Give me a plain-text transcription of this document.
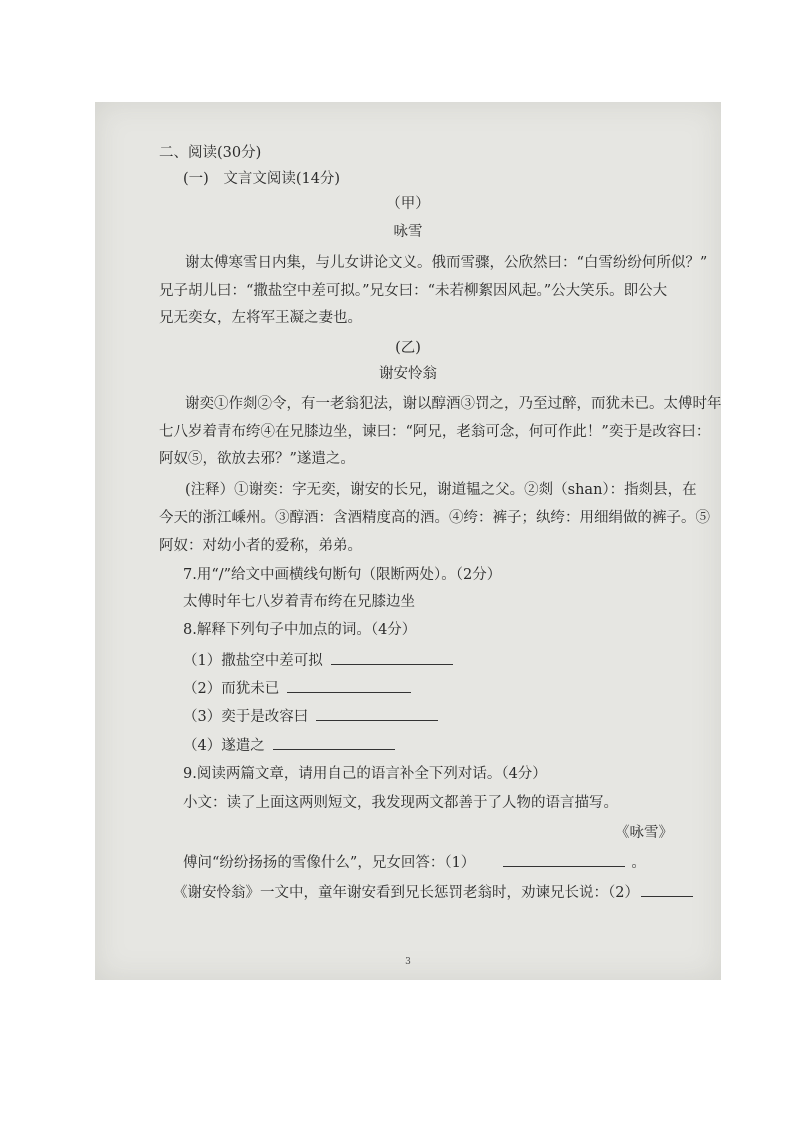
二、阅读(30分)
(一)　文言文阅读(14分)
（甲）
咏雪
谢太傅寒雪日内集，与儿女讲论文义。俄而雪骤，公欣然曰：“白雪纷纷何所似？”
兄子胡儿曰：“撒盐空中差可拟。”兄女曰：“未若柳絮因风起。”公大笑乐。即公大
兄无奕女，左将军王凝之妻也。
(乙)
谢安怜翁
谢奕①作剡②令，有一老翁犯法，谢以醇酒③罚之，乃至过醉，而犹未已。太傅时年
七八岁着青布绔④在兄膝边坐，谏曰：“阿兄，老翁可念，何可作此！”奕于是改容曰：
阿奴⑤，欲放去邪？”遂遣之。
(注释）①谢奕：字无奕，谢安的长兄，谢道韫之父。②剡（shan）：指剡县，在
今天的浙江嵊州。③醇酒：含酒精度高的酒。④绔：裤子；纨绔：用细绢做的裤子。⑤
阿奴：对幼小者的爱称，弟弟。
7.用“/”给文中画横线句断句（限断两处）。（2分）
太傅时年七八岁着青布绔在兄膝边坐
8.解释下列句子中加点的词。（4分）
（1）撒盐空中差可拟
（2）而犹未已
（3）奕于是改容曰
（4）遂遣之
9.阅读两篇文章，请用自己的语言补全下列对话。（4分）
小文：读了上面这两则短文，我发现两文都善于了人物的语言描写。
《咏雪》
傅问“纷纷扬扬的雪像什么”，兄女回答：（1）	。
《谢安怜翁》一文中，童年谢安看到兄长惩罚老翁时，劝谏兄长说：（2）
3
